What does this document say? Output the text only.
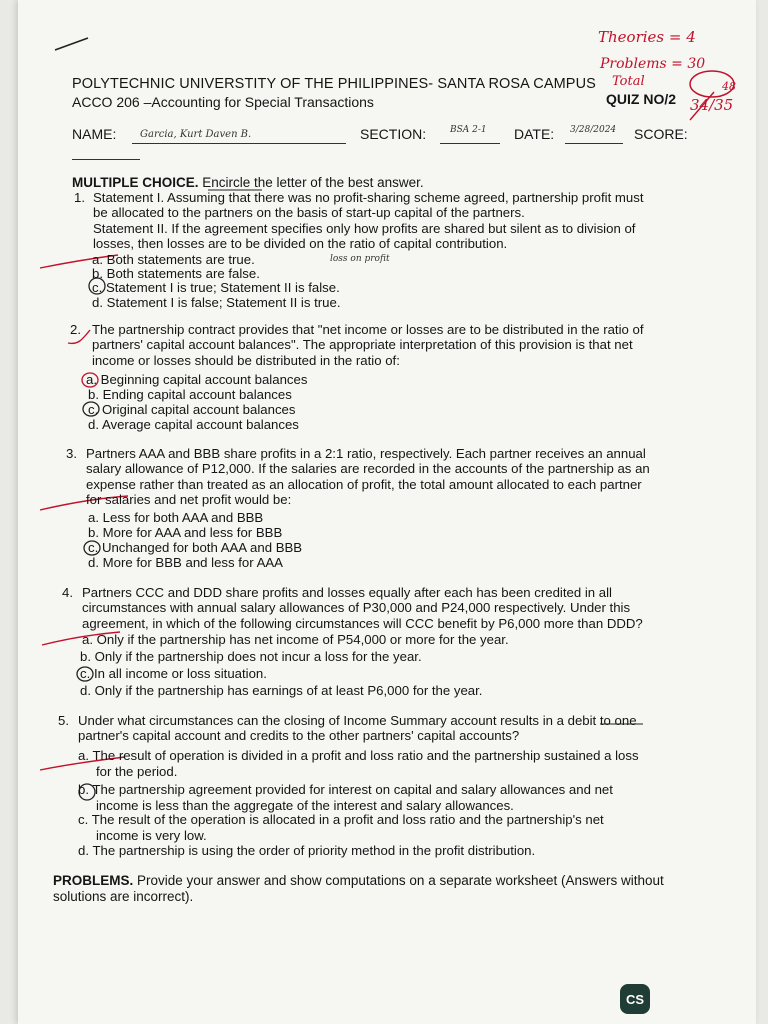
Theories = 4
Problems = 30
Total
34/35
48
POLYTECHNIC UNIVERSTITY OF THE PHILIPPINES- SANTA ROSA CAMPUS
ACCO 206 –Accounting for Special Transactions	QUIZ NO/2
NAME: Garcia, Kurt Daven B.	SECTION:	BSA 2-1 DATE: 3/28/2024 SCORE:
MULTIPLE CHOICE. Encircle the letter of the best answer.
1. Statement I. Assuming that there was no profit-sharing scheme agreed, partnership profit must
be allocated to the partners on the basis of start-up capital of the partners.
Statement II. If the agreement specifies only how profits are shared but silent as to division of
losses, then losses are to be divided on the ratio of capital contribution.
a. Both statements are true.	loss on profit
b. Both statements are false.
c. Statement I is true; Statement II is false.
d. Statement I is false; Statement II is true.
2. The partnership contract provides that "net income or losses are to be distributed in the ratio of
partners' capital account balances". The appropriate interpretation of this provision is that net
income or losses should be distributed in the ratio of:
a. Beginning capital account balances
b. Ending capital account balances
c. Original capital account balances
d. Average capital account balances
3. Partners AAA and BBB share profits in a 2:1 ratio, respectively. Each partner receives an annual
salary allowance of P12,000. If the salaries are recorded in the accounts of the partnership as an
expense rather than treated as an allocation of profit, the total amount allocated to each partner
for salaries and net profit would be:
a. Less for both AAA and BBB
b. More for AAA and less for BBB
c. Unchanged for both AAA and BBB
d. More for BBB and less for AAA
4. Partners CCC and DDD share profits and losses equally after each has been credited in all
circumstances with annual salary allowances of P30,000 and P24,000 respectively. Under this
agreement, in which of the following circumstances will CCC benefit by P6,000 more than DDD?
a. Only if the partnership has net income of P54,000 or more for the year.
b. Only if the partnership does not incur a loss for the year.
c. In all income or loss situation.
d. Only if the partnership has earnings of at least P6,000 for the year.
5. Under what circumstances can the closing of Income Summary account results in a debit to one
partner's capital account and credits to the other partners' capital accounts?
a. The result of operation is divided in a profit and loss ratio and the partnership sustained a loss
for the period.
b. The partnership agreement provided for interest on capital and salary allowances and net
income is less than the aggregate of the interest and salary allowances.
c. The result of the operation is allocated in a profit and loss ratio and the partnership's net
income is very low.
d. The partnership is using the order of priority method in the profit distribution.
PROBLEMS. Provide your answer and show computations on a separate worksheet (Answers without solutions are incorrect).
CS
